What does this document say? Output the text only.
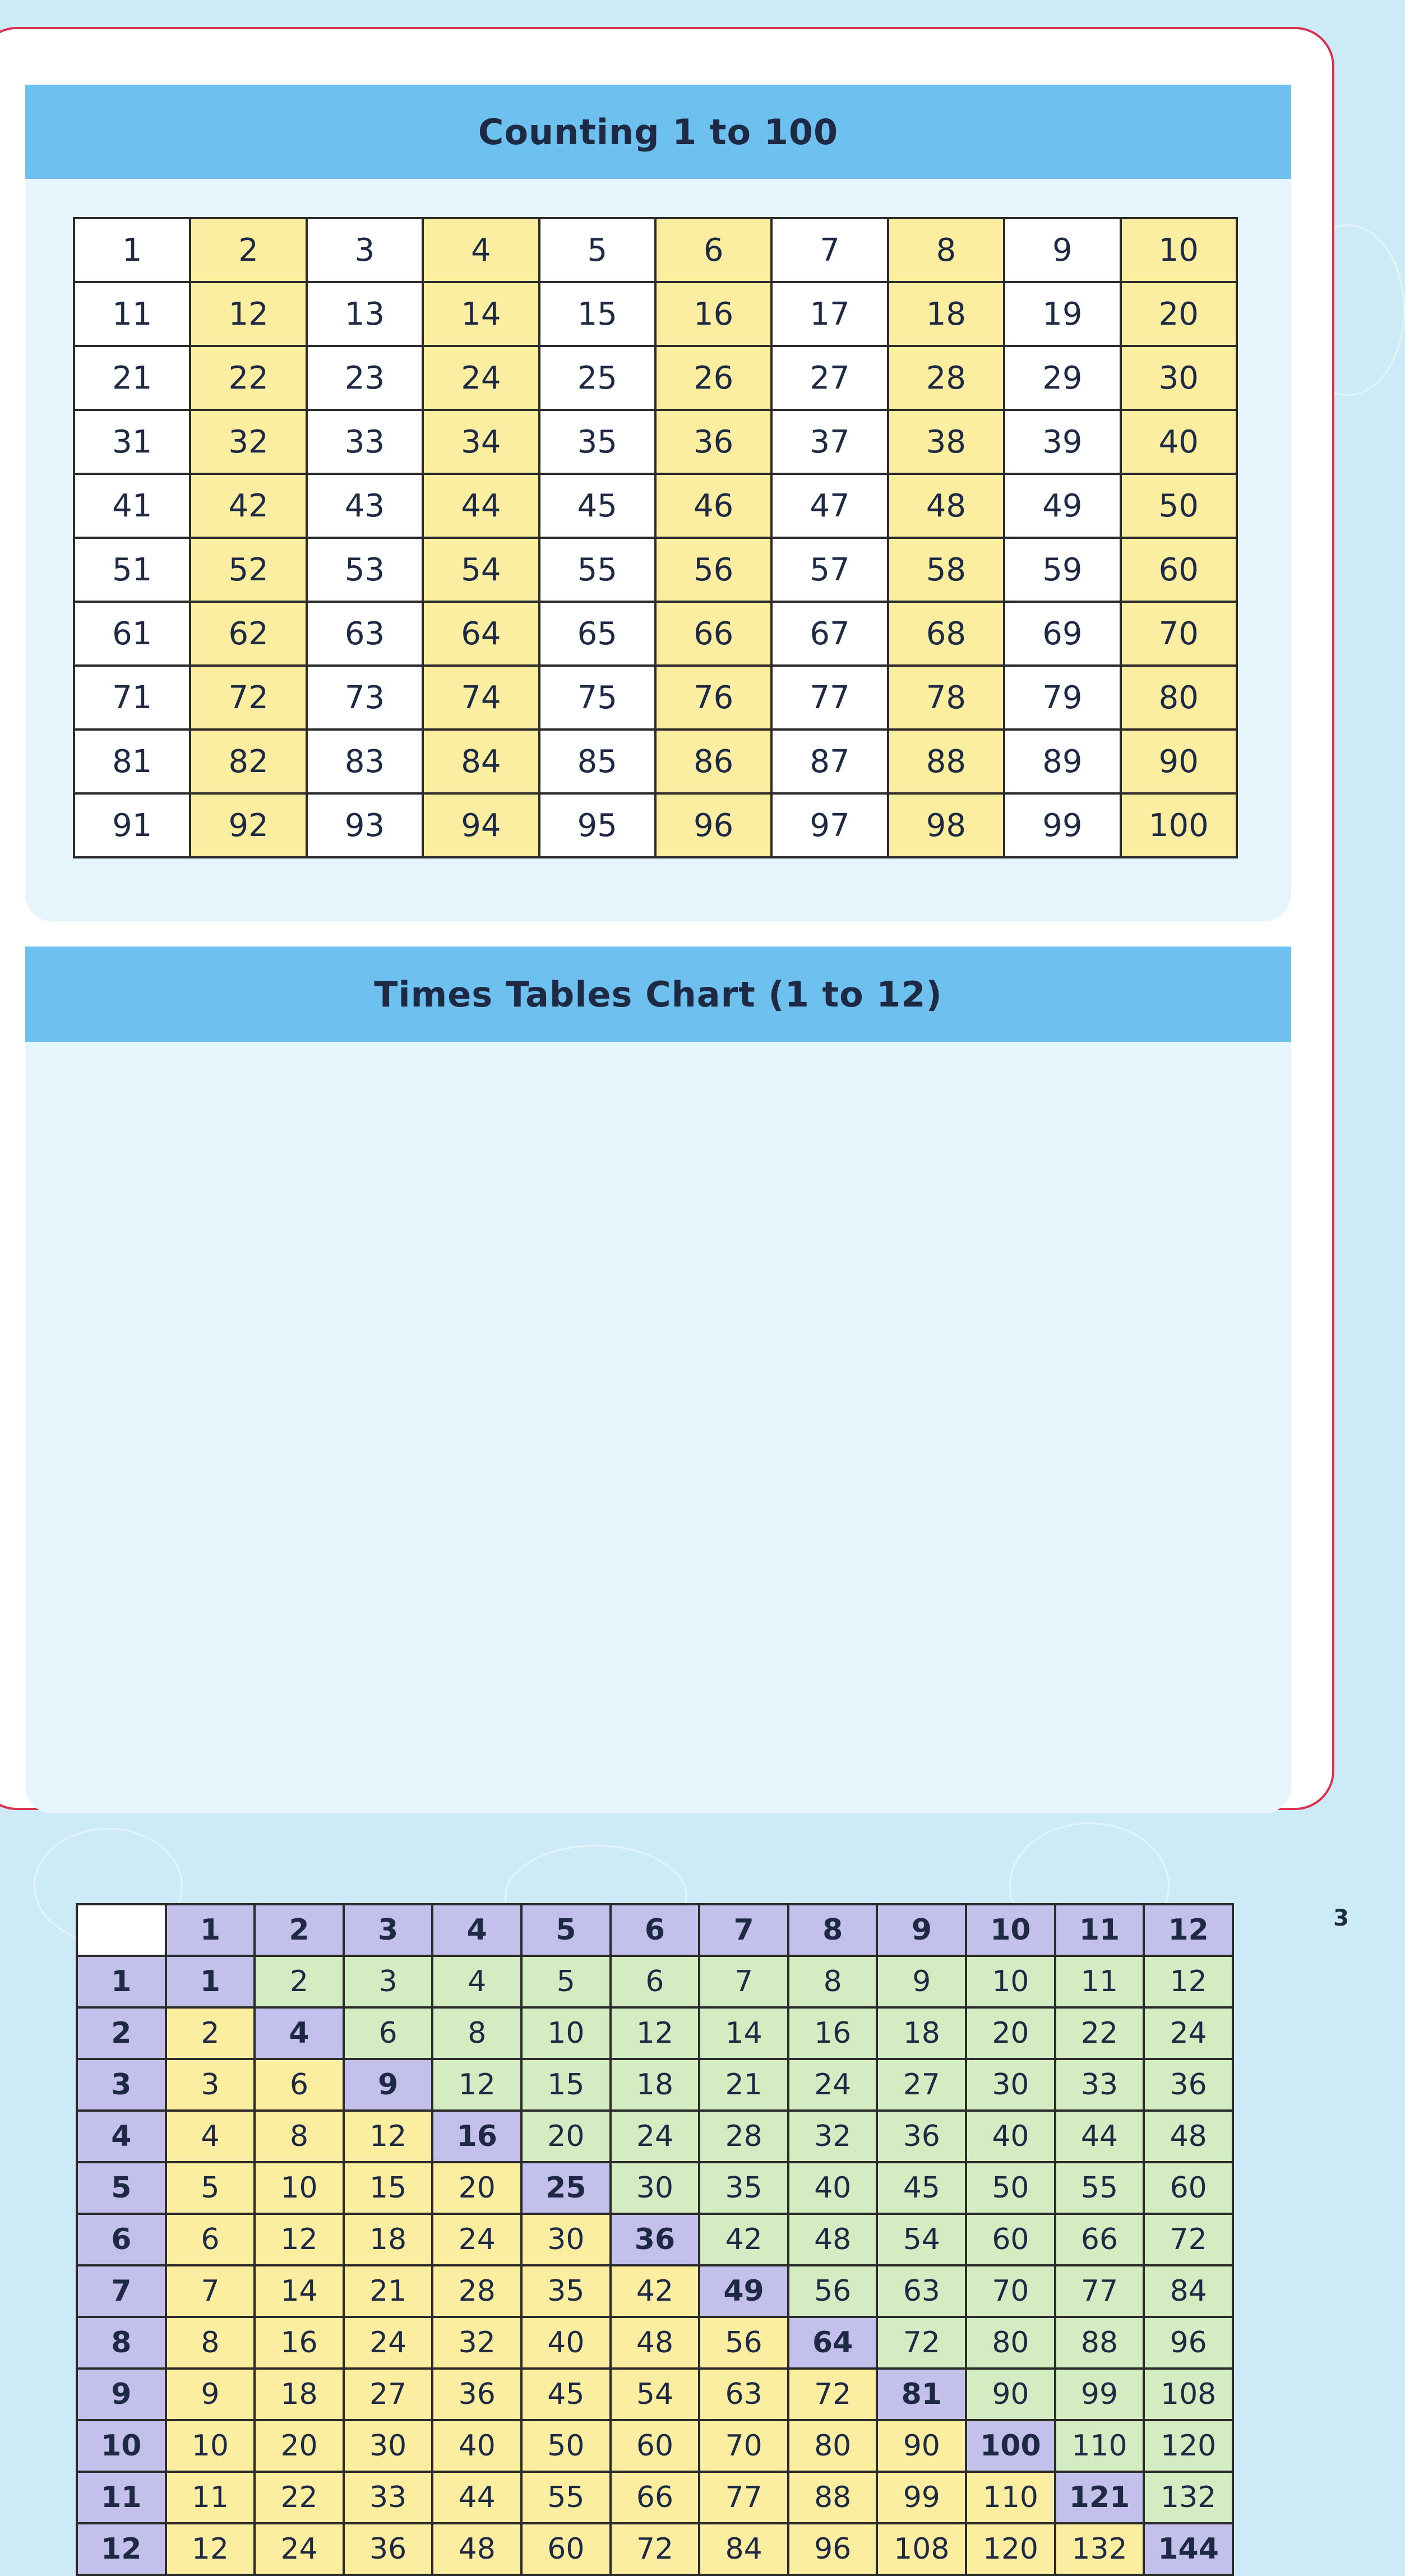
Counting 1 to 100
1	2	3	4	5	6	7	8	9	10
11	12	13	14	15	16	17	18	19	20
21	22	23	24	25	26	27	28	29	30
31	32	33	34	35	36	37	38	39	40
41	42	43	44	45	46	47	48	49	50
51	52	53	54	55	56	57	58	59	60
61	62	63	64	65	66	67	68	69	70
71	72	73	74	75	76	77	78	79	80
81	82	83	84	85	86	87	88	89	90
91	92	93	94	95	96	97	98	99	100
Times Tables Chart (1 to 12)
	1	2	3	4	5	6	7	8	9	10	11	12
1	1	2	3	4	5	6	7	8	9	10	11	12
2	2	4	6	8	10	12	14	16	18	20	22	24
3	3	6	9	12	15	18	21	24	27	30	33	36
4	4	8	12	16	20	24	28	32	36	40	44	48
5	5	10	15	20	25	30	35	40	45	50	55	60
6	6	12	18	24	30	36	42	48	54	60	66	72
7	7	14	21	28	35	42	49	56	63	70	77	84
8	8	16	24	32	40	48	56	64	72	80	88	96
9	9	18	27	36	45	54	63	72	81	90	99	108
10	10	20	30	40	50	60	70	80	90	100	110	120
11	11	22	33	44	55	66	77	88	99	110	121	132
12	12	24	36	48	60	72	84	96	108	120	132	144
3
